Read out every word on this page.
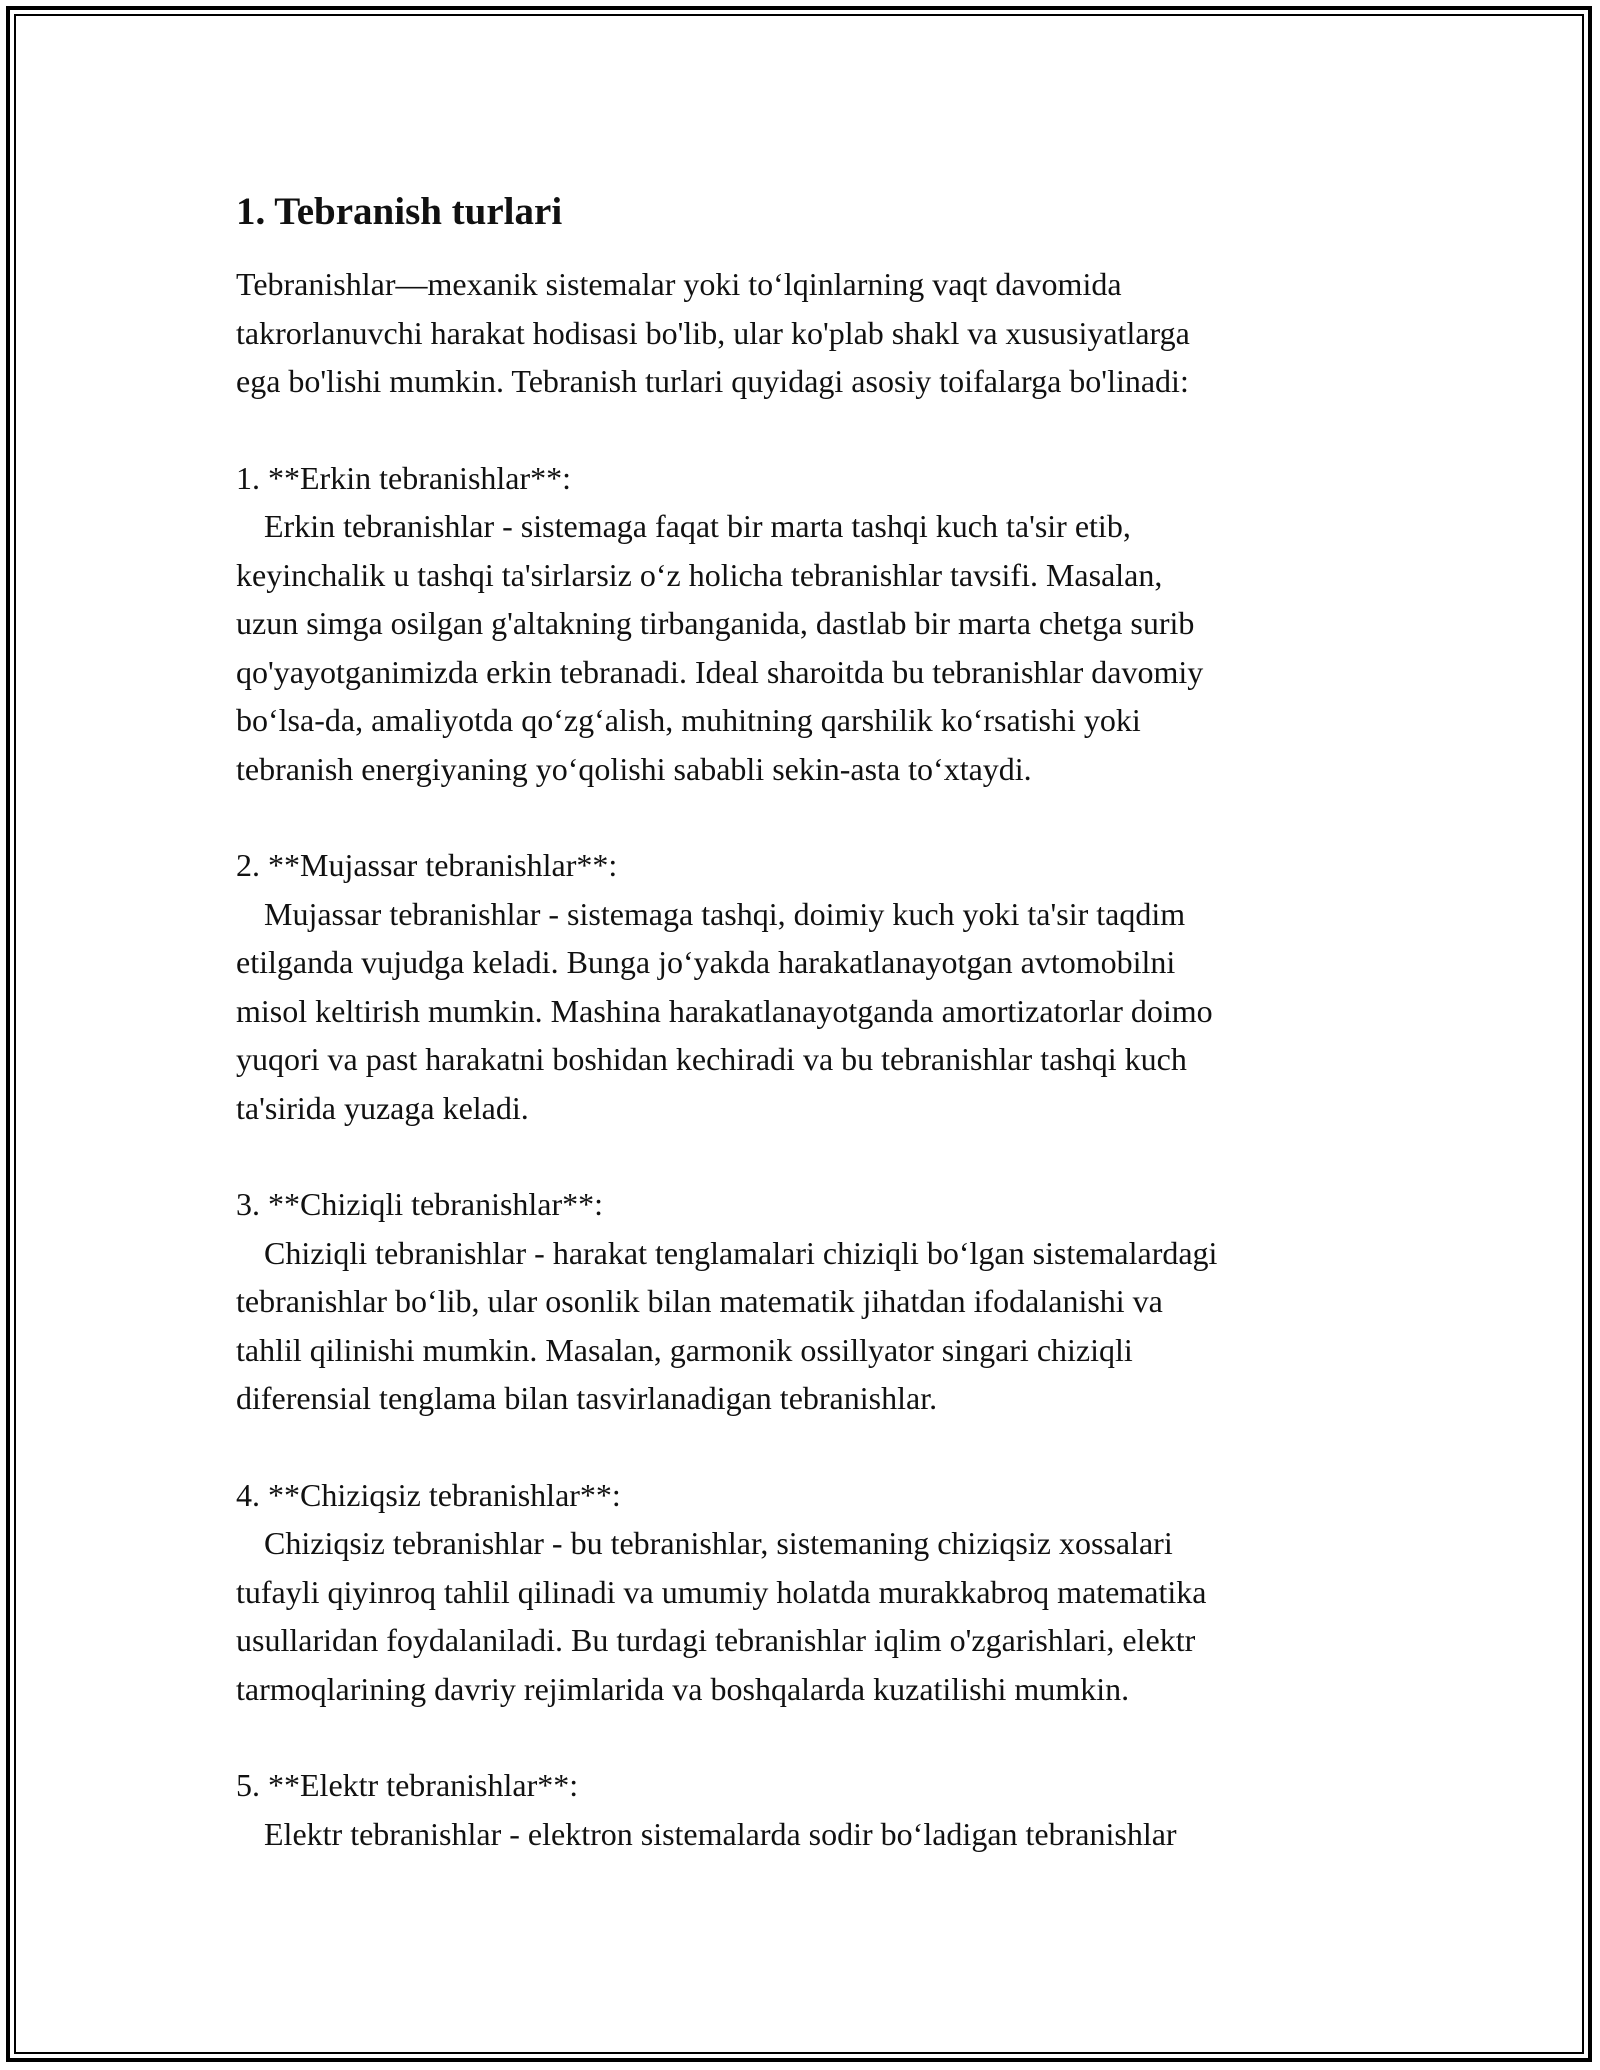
1. Tebranish turlari

Tebranishlar—mexanik sistemalar yoki to‘lqinlarning vaqt davomida

takrorlanuvchi harakat hodisasi bo'lib, ular ko'plab shakl va xususiyatlarga

ega bo'lishi mumkin. Tebranish turlari quyidagi asosiy toifalarga bo'linadi:

1. **Erkin tebranishlar**:

Erkin tebranishlar - sistemaga faqat bir marta tashqi kuch ta'sir etib,

keyinchalik u tashqi ta'sirlarsiz o‘z holicha tebranishlar tavsifi. Masalan,

uzun simga osilgan g'altakning tirbanganida, dastlab bir marta chetga surib

qo'yayotganimizda erkin tebranadi. Ideal sharoitda bu tebranishlar davomiy

bo‘lsa-da, amaliyotda qo‘zg‘alish, muhitning qarshilik ko‘rsatishi yoki

tebranish energiyaning yo‘qolishi sababli sekin-asta to‘xtaydi.

2. **Mujassar tebranishlar**:

Mujassar tebranishlar - sistemaga tashqi, doimiy kuch yoki ta'sir taqdim

etilganda vujudga keladi. Bunga jo‘yakda harakatlanayotgan avtomobilni

misol keltirish mumkin. Mashina harakatlanayotganda amortizatorlar doimo

yuqori va past harakatni boshidan kechiradi va bu tebranishlar tashqi kuch

ta'sirida yuzaga keladi.

3. **Chiziqli tebranishlar**:

Chiziqli tebranishlar - harakat tenglamalari chiziqli bo‘lgan sistemalardagi

tebranishlar bo‘lib, ular osonlik bilan matematik jihatdan ifodalanishi va

tahlil qilinishi mumkin. Masalan, garmonik ossillyator singari chiziqli

diferensial tenglama bilan tasvirlanadigan tebranishlar.

4. **Chiziqsiz tebranishlar**:

Chiziqsiz tebranishlar - bu tebranishlar, sistemaning chiziqsiz xossalari

tufayli qiyinroq tahlil qilinadi va umumiy holatda murakkabroq matematika

usullaridan foydalaniladi. Bu turdagi tebranishlar iqlim o'zgarishlari, elektr

tarmoqlarining davriy rejimlarida va boshqalarda kuzatilishi mumkin.

5. **Elektr tebranishlar**:

Elektr tebranishlar - elektron sistemalarda sodir bo‘ladigan tebranishlar
